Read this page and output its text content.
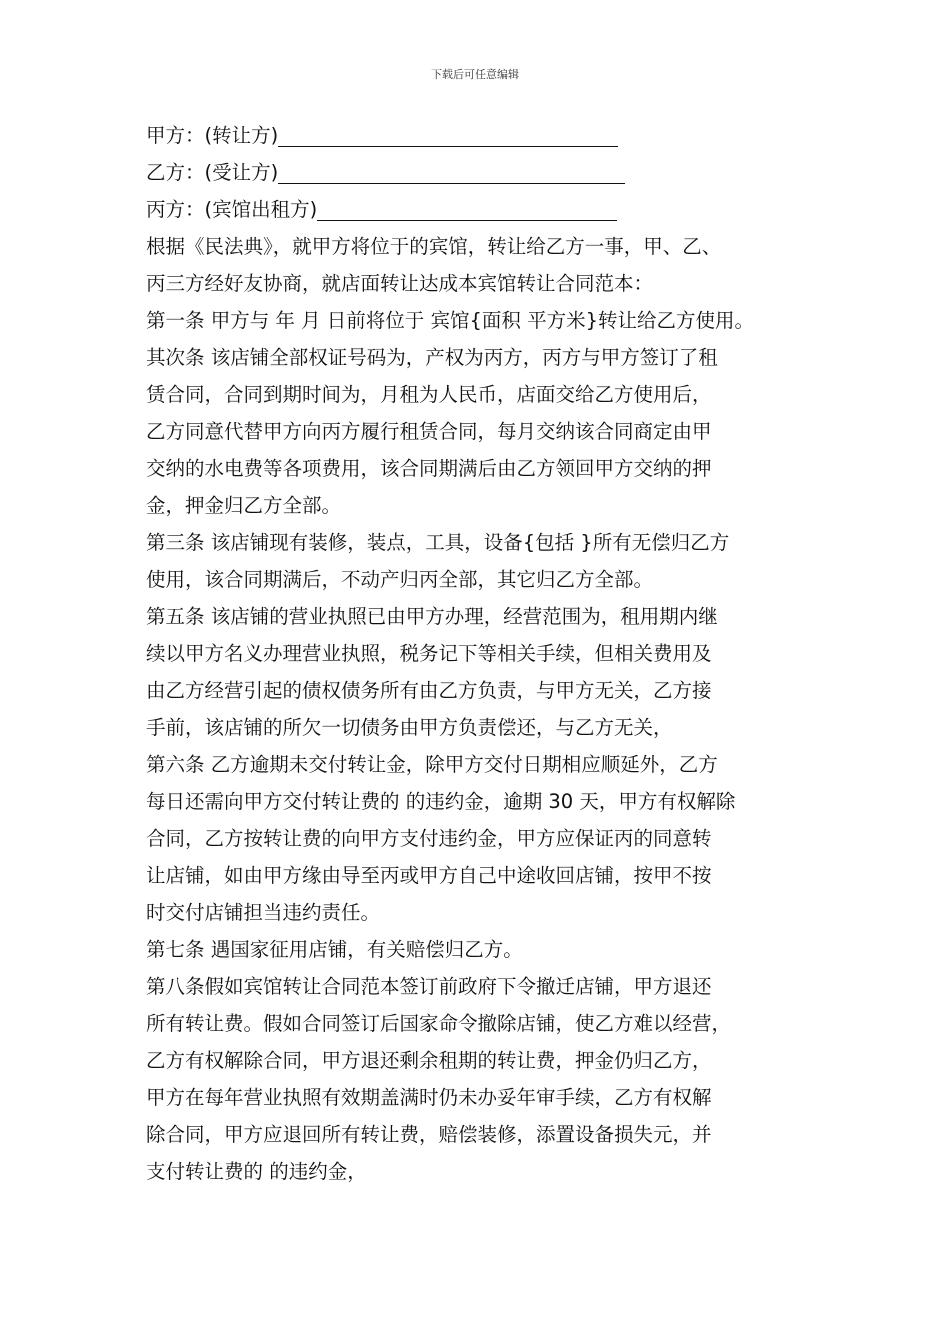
下载后可任意编辑
甲方：(转让方)
乙方：(受让方)
丙方：(宾馆出租方)
根据《民法典》，就甲方将位于的宾馆，转让给乙方一事，甲、乙、
丙三方经好友协商，就店面转让达成本宾馆转让合同范本：
第一条 甲方与 年 月 日前将位于 宾馆{面积 平方米}转让给乙方使用。
其次条 该店铺全部权证号码为，产权为丙方，丙方与甲方签订了租
赁合同，合同到期时间为，月租为人民币，店面交给乙方使用后，
乙方同意代替甲方向丙方履行租赁合同，每月交纳该合同商定由甲
交纳的水电费等各项费用，该合同期满后由乙方领回甲方交纳的押
金，押金归乙方全部。
第三条 该店铺现有装修，装点，工具，设备{包括 }所有无偿归乙方
使用，该合同期满后，不动产归丙全部，其它归乙方全部。
第五条 该店铺的营业执照已由甲方办理，经营范围为，租用期内继
续以甲方名义办理营业执照，税务记下等相关手续，但相关费用及
由乙方经营引起的债权债务所有由乙方负责，与甲方无关，乙方接
手前，该店铺的所欠一切债务由甲方负责偿还，与乙方无关，
第六条 乙方逾期未交付转让金，除甲方交付日期相应顺延外，乙方
每日还需向甲方交付转让费的 的违约金，逾期 30 天，甲方有权解除
合同，乙方按转让费的向甲方支付违约金，甲方应保证丙的同意转
让店铺，如由甲方缘由导至丙或甲方自己中途收回店铺，按甲不按
时交付店铺担当违约责任。
第七条 遇国家征用店铺，有关赔偿归乙方。
第八条假如宾馆转让合同范本签订前政府下令撤迁店铺，甲方退还
所有转让费。假如合同签订后国家命令撤除店铺，使乙方难以经营，
乙方有权解除合同，甲方退还剩余租期的转让费，押金仍归乙方，
甲方在每年营业执照有效期盖满时仍未办妥年审手续，乙方有权解
除合同，甲方应退回所有转让费，赔偿装修，添置设备损失元，并
支付转让费的 的违约金，
